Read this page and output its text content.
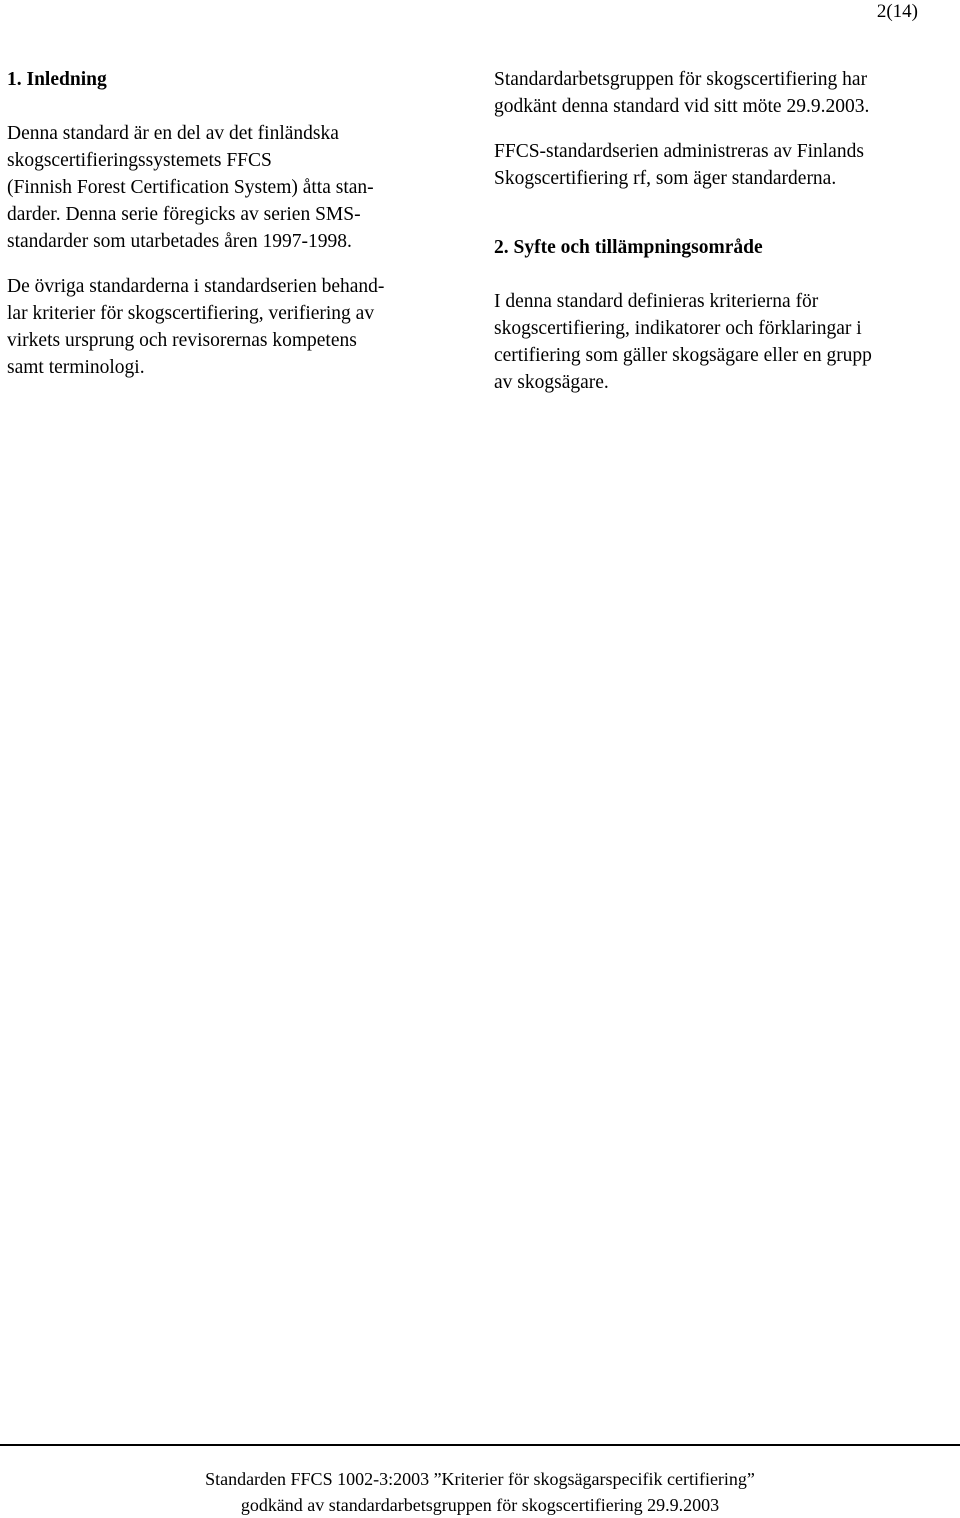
2(14)
1. Inledning

Denna standard är en del av det finländska
skogscertifieringssystemets FFCS
(Finnish Forest Certification System) åtta stan-
darder. Denna serie föregicks av serien SMS-
standarder som utarbetades åren 1997-1998.

De övriga standarderna i standardserien behand-
lar kriterier för skogscertifiering, verifiering av
virkets ursprung och revisorernas kompetens
samt terminologi.

Standardarbetsgruppen för skogscertifiering har
godkänt denna standard vid sitt möte 29.9.2003.

FFCS-standardserien administreras av Finlands
Skogscertifiering rf, som äger standarderna.

2. Syfte och tillämpningsområde

I denna standard definieras kriterierna för
skogscertifiering, indikatorer och förklaringar i
certifiering som gäller skogsägare eller en grupp
av skogsägare.

Standarden FFCS 1002-3:2003 ”Kriterier för skogsägarspecifik certifiering”
godkänd av standardarbetsgruppen för skogscertifiering 29.9.2003
